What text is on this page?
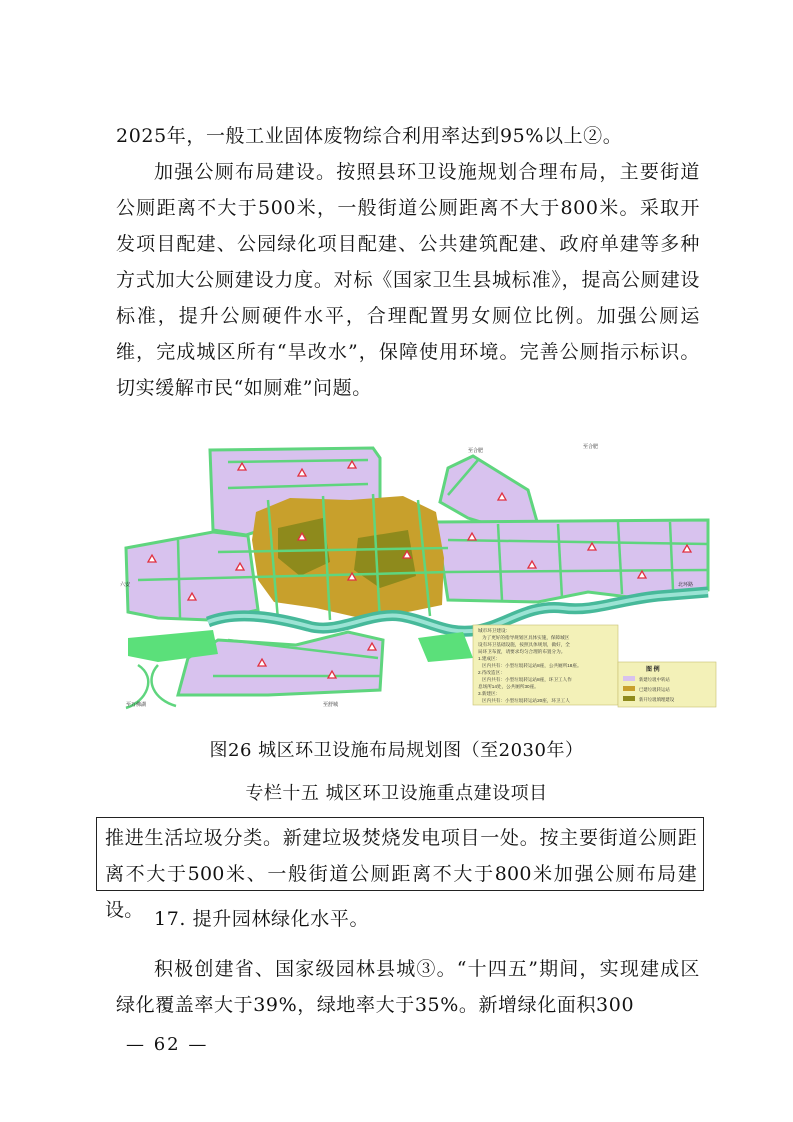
2025年，一般工业固体废物综合利用率达到95%以上②。

加强公厕布局建设。按照县环卫设施规划合理布局，主要街道公厕距离不大于500米，一般街道公厕距离不大于800米。采取开发项目配建、公园绿化项目配建、公共建筑配建、政府单建等多种方式加大公厕建设力度。对标《国家卫生县城标准》，提高公厕建设标准，提升公厕硬件水平，合理配置男女厕位比例。加强公厕运维，完成城区所有“旱改水”，保障使用环境。完善公厕指示标识。切实缓解市民“如厕难”问题。

六安	北环路
至万佛湖	至舒城
至合肥
至合肥
城市环卫建设：
为了更好的指导规划区具体实施，保障城区
设有环卫基础设施，按照具体规划，做好，全
局环卫布置，请要求均匀合理的布置分为。
1.建成区：
区内共有：小型垃圾转运站8座，公共厕所18座。
2.待改造区：
区内共有：小型垃圾转运站8座，环卫工人作
息场所14处，公共厕所30座。
3.新建区：
区内共有：小型垃圾转运站20座，环卫工人
图 例
新建垃圾中转站
已建垃圾转运站
新开垃圾填埋建设

图26 城区环卫设施布局规划图（至2030年）

专栏十五 城区环卫设施重点建设项目

推进生活垃圾分类。新建垃圾焚烧发电项目一处。按主要街道公厕距离不大于500米、一般街道公厕距离不大于800米加强公厕布局建设。 17. 提升园林绿化水平。

积极创建省、国家级园林县城③。“十四五”期间，实现建成区绿化覆盖率大于39%，绿地率大于35%。新增绿化面积300

— 62 —
